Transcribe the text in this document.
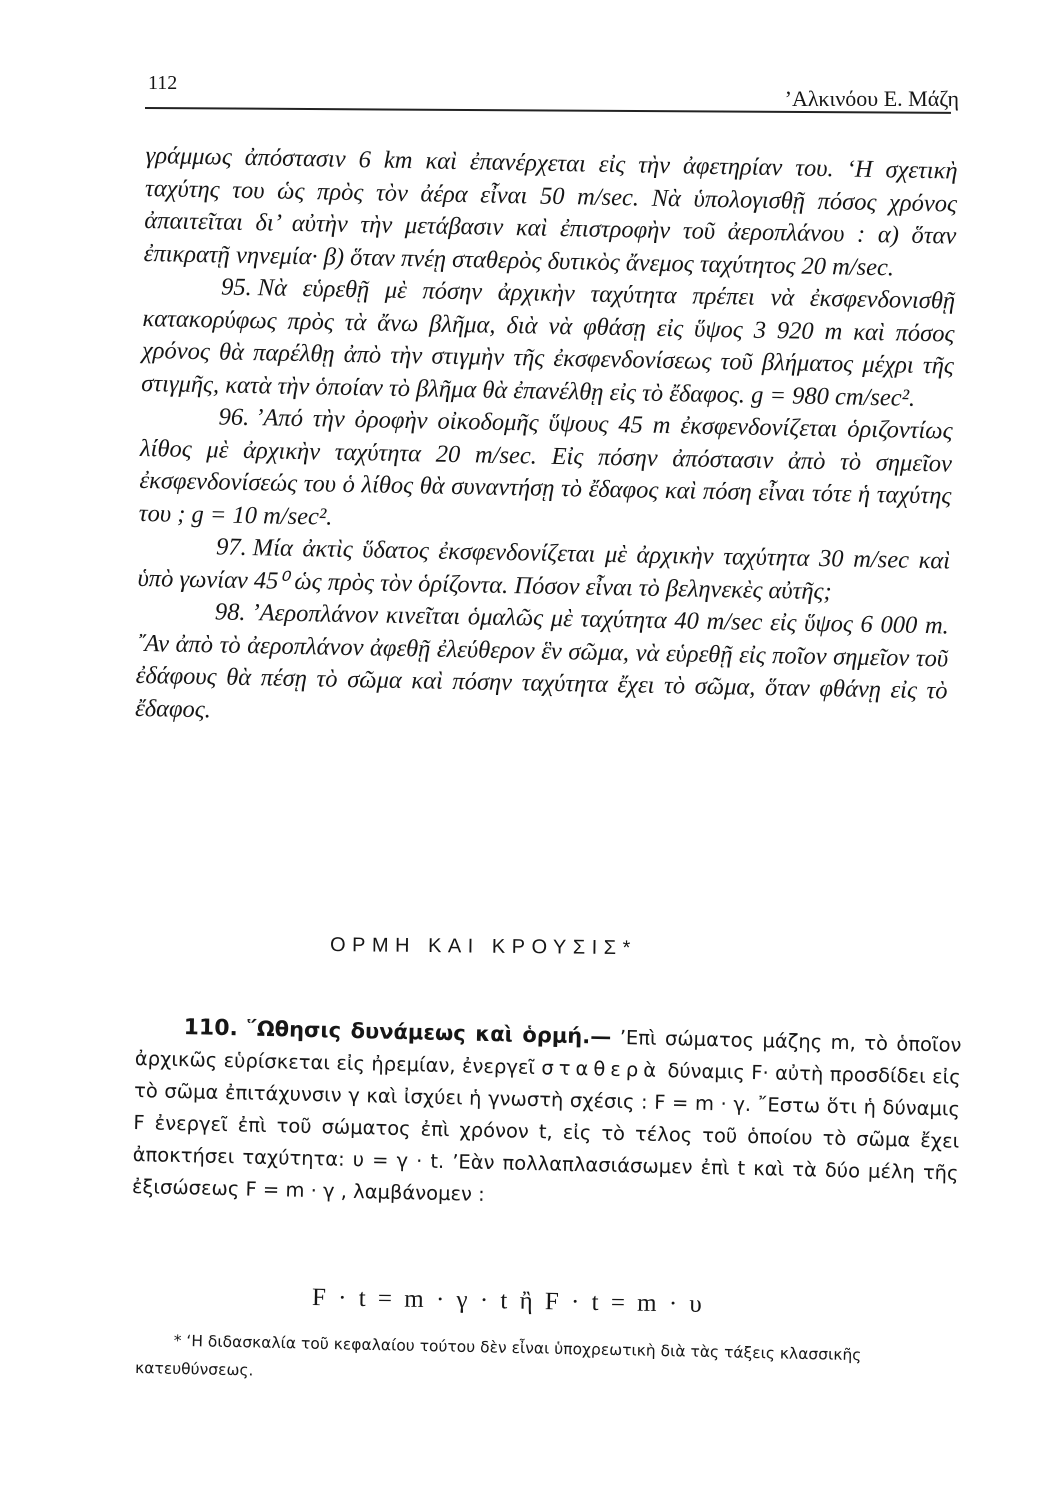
112
’Αλκινόου Ε. Μάζη

γράμμως ἀπόστασιν 6 km καὶ ἐπανέρχεται εἰς τὴν ἀφετηρίαν του. ‘Η σχετικὴ ταχύτης του ὡς πρὸς τὸν ἀέρα εἶναι 50 m/sec. Νὰ ὑπολογισθῇ πόσος χρόνος ἀπαιτεῖται δι’ αὐτὴν τὴν μετάβασιν καὶ ἐπιστροφὴν τοῦ ἀεροπλάνου : α) ὅταν ἐπικρατῇ νηνεμία· β) ὅταν πνέῃ σταθερὸς δυτικὸς ἄνεμος ταχύτητος 20 m/sec.

95. Νὰ εὑρεθῇ μὲ πόσην ἀρχικὴν ταχύτητα πρέπει νὰ ἐκσφενδονισθῇ κατακορύφως πρὸς τὰ ἄνω βλῆμα, διὰ νὰ φθάσῃ εἰς ὕψος 3 920 m καὶ πόσος χρόνος θὰ παρέλθῃ ἀπὸ τὴν στιγμὴν τῆς ἐκσφενδονίσεως τοῦ βλήματος μέχρι τῆς στιγμῆς, κατὰ τὴν ὁποίαν τὸ βλῆμα θὰ ἐπανέλθῃ εἰς τὸ ἔδαφος. g = 980 cm/sec².

96. ’Από τὴν ὀροφὴν οἰκοδομῆς ὕψους 45 m ἐκσφενδονίζεται ὁριζοντίως λίθος μὲ ἀρχικὴν ταχύτητα 20 m/sec. Εἰς πόσην ἀπόστασιν ἀπὸ τὸ σημεῖον ἐκσφενδονίσεώς του ὁ λίθος θὰ συναντήσῃ τὸ ἔδαφος καὶ πόση εἶναι τότε ἡ ταχύτης του ; g = 10 m/sec².

97. Μία ἀκτὶς ὕδατος ἐκσφενδονίζεται μὲ ἀρχικὴν ταχύτητα 30 m/sec καὶ ὑπὸ γωνίαν 45⁰ ὡς πρὸς τὸν ὁρίζοντα. Πόσον εἶναι τὸ βεληνεκὲς αὐτῆς;

98. ’Αεροπλάνον κινεῖται ὁμαλῶς μὲ ταχύτητα 40 m/sec εἰς ὕψος 6 000 m. ῎Αν ἀπὸ τὸ ἀεροπλάνον ἀφεθῇ ἐλεύθερον ἓν σῶμα, νὰ εὑρεθῇ εἰς ποῖον σημεῖον τοῦ ἐδάφους θὰ πέσῃ τὸ σῶμα καὶ πόσην ταχύτητα ἔχει τὸ σῶμα, ὅταν φθάνῃ εἰς τὸ ἔδαφος.

ΟΡΜΗ ΚΑΙ ΚΡΟΥΣΙΣ*

110. ῞Ωθησις δυνάμεως καὶ ὁρμή.— ’Επὶ σώματος μάζης m, τὸ ὁποῖον ἀρχικῶς εὑρίσκεται εἰς ἠρεμίαν, ἐνεργεῖ σταθερὰ δύναμις F· αὐτὴ προσδίδει εἰς τὸ σῶμα ἐπιτάχυνσιν γ καὶ ἰσχύει ἡ γνωστὴ σχέσις : F = m · γ. ῎Εστω ὅτι ἡ δύναμις F ἐνεργεῖ ἐπὶ τοῦ σώματος ἐπὶ χρόνον t, εἰς τὸ τέλος τοῦ ὁποίου τὸ σῶμα ἔχει ἀποκτήσει ταχύτητα: υ = γ · t. ’Εὰν πολλαπλασιάσωμεν ἐπὶ t καὶ τὰ δύο μέλη τῆς ἐξισώσεως F = m · γ , λαμβάνομεν :

F · t = m · γ · t ἢ F · t = m · υ

* ‘Η διδασκαλία τοῦ κεφαλαίου τούτου δὲν εἶναι ὑποχρεωτικὴ διὰ τὰς τάξεις κλασσικῆς κατευθύνσεως.
